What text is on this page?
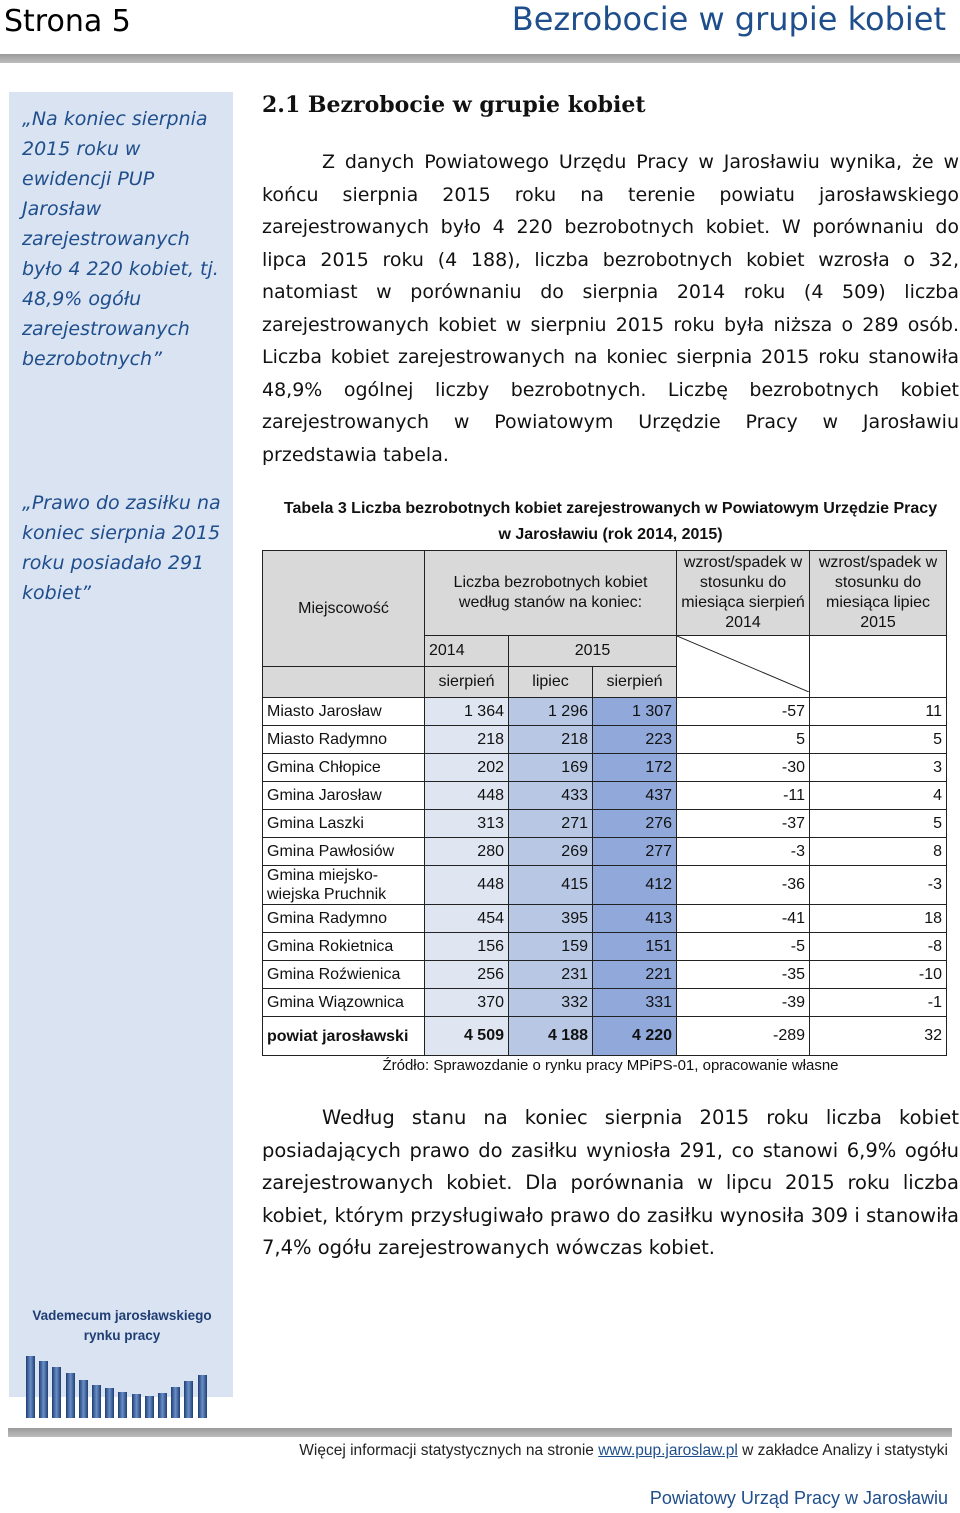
Strona 5	Bezrobocie w grupie kobiet
„Na koniec sierpnia 2015 roku w ewidencji PUP Jarosław zarejestrowanych było 4 220 kobiet, tj. 48,9% ogółu zarejestrowanych bezrobotnych”
„Prawo do zasiłku na koniec sierpnia 2015 roku posiadało 291 kobiet”
Vademecum jarosławskiego
rynku pracy
2.1 Bezrobocie w grupie kobiet
Z danych Powiatowego Urzędu Pracy w Jarosławiu wynika, że w końcu sierpnia 2015 roku na terenie powiatu jarosławskiego zarejestrowanych było 4 220 bezrobotnych kobiet. W porównaniu do lipca 2015 roku (4 188), liczba bezrobotnych kobiet wzrosła o 32, natomiast w porównaniu do sierpnia 2014 roku (4 509) liczba zarejestrowanych kobiet w sierpniu 2015 roku była niższa o 289 osób. Liczba kobiet zarejestrowanych na koniec sierpnia 2015 roku stanowiła 48,9% ogólnej liczby bezrobotnych. Liczbę bezrobotnych kobiet zarejestrowanych w Powiatowym Urzędzie Pracy w Jarosławiu przedstawia tabela.
Tabela 3 Liczba bezrobotnych kobiet zarejestrowanych w Powiatowym Urzędzie Pracy
w Jarosławiu (rok 2014, 2015)
Miejscowość	Liczba bezrobotnych kobiet według stanów na koniec:			wzrost/spadek w stosunku do miesiąca sierpień 2014	wzrost/spadek w stosunku do miesiąca lipiec 2015
	2014	2015		
	sierpień	lipiec	sierpień		
Miasto Jarosław	1 364	1 296	1 307	-57	11
Miasto Radymno	218	218	223	5	5
Gmina Chłopice	202	169	172	-30	3
Gmina Jarosław	448	433	437	-11	4
Gmina Laszki	313	271	276	-37	5
Gmina Pawłosiów	280	269	277	-3	8
Gmina miejsko-wiejska Pruchnik	448	415	412	-36	-3
Gmina Radymno	454	395	413	-41	18
Gmina Rokietnica	156	159	151	-5	-8
Gmina Roźwienica	256	231	221	-35	-10
Gmina Wiązownica	370	332	331	-39	-1
powiat jarosławski	4 509	4 188	4 220	-289	32
Źródło: Sprawozdanie o rynku pracy MPiPS-01, opracowanie własne
Według stanu na koniec sierpnia 2015 roku liczba kobiet posiadających prawo do zasiłku wyniosła 291, co stanowi 6,9% ogółu zarejestrowanych kobiet. Dla porównania w lipcu 2015 roku liczba kobiet, którym przysługiwało prawo do zasiłku wynosiła 309 i stanowiła 7,4% ogółu zarejestrowanych wówczas kobiet.
Więcej informacji statystycznych na stronie www.pup.jaroslaw.pl w zakładce Analizy i statystyki
Powiatowy Urząd Pracy w Jarosławiu
